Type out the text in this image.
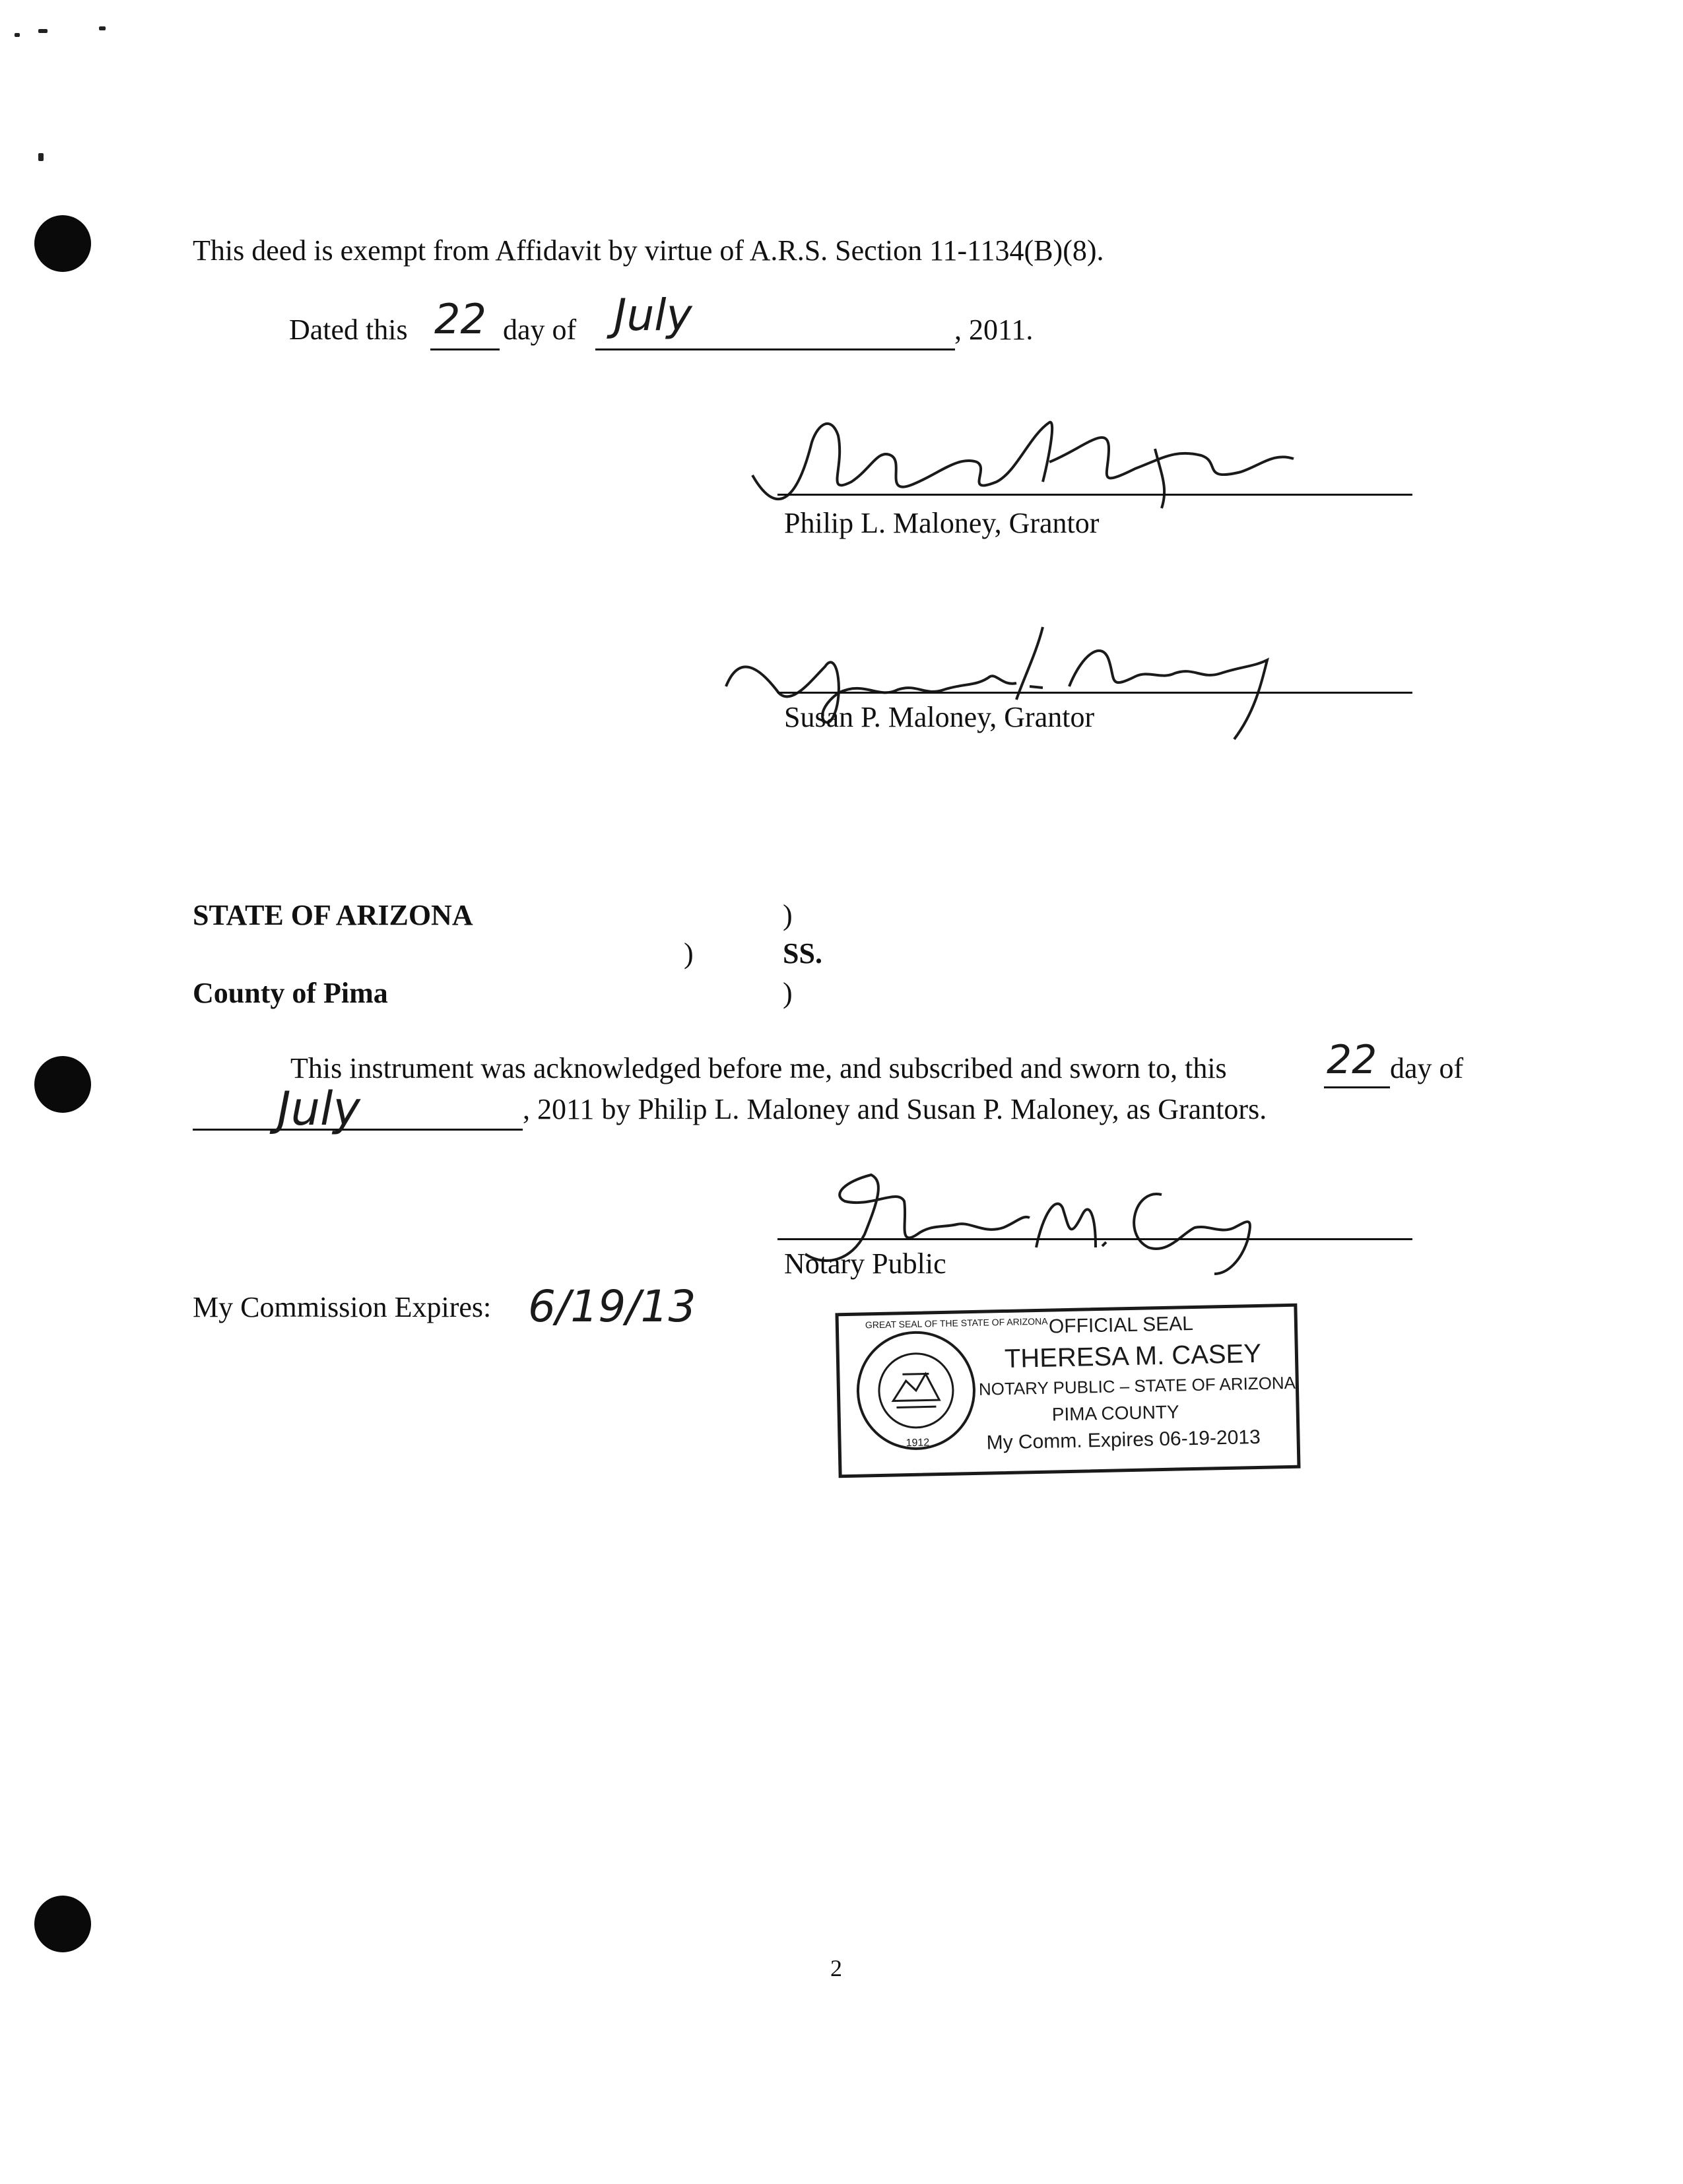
This deed is exempt from Affidavit by virtue of A.R.S. Section 11-1134(B)(8).
Dated this 22 day of July	, 2011.
Philip L. Maloney, Grantor
Susan P. Maloney, Grantor
STATE OF ARIZONA	)
)	SS.
County of Pima	)
This instrument was acknowledged before me, and subscribed and sworn to, this	22 day of
July	, 2011 by Philip L. Maloney and Susan P. Maloney, as Grantors.
Notary Public
My Commission Expires: 6/19/13	GREAT SEAL OF THE STATE OF ARIZONA
1912
OFFICIAL SEAL
THERESA M. CASEY
NOTARY PUBLIC – STATE OF ARIZONA
PIMA COUNTY
My Comm. Expires 06-19-2013
2
